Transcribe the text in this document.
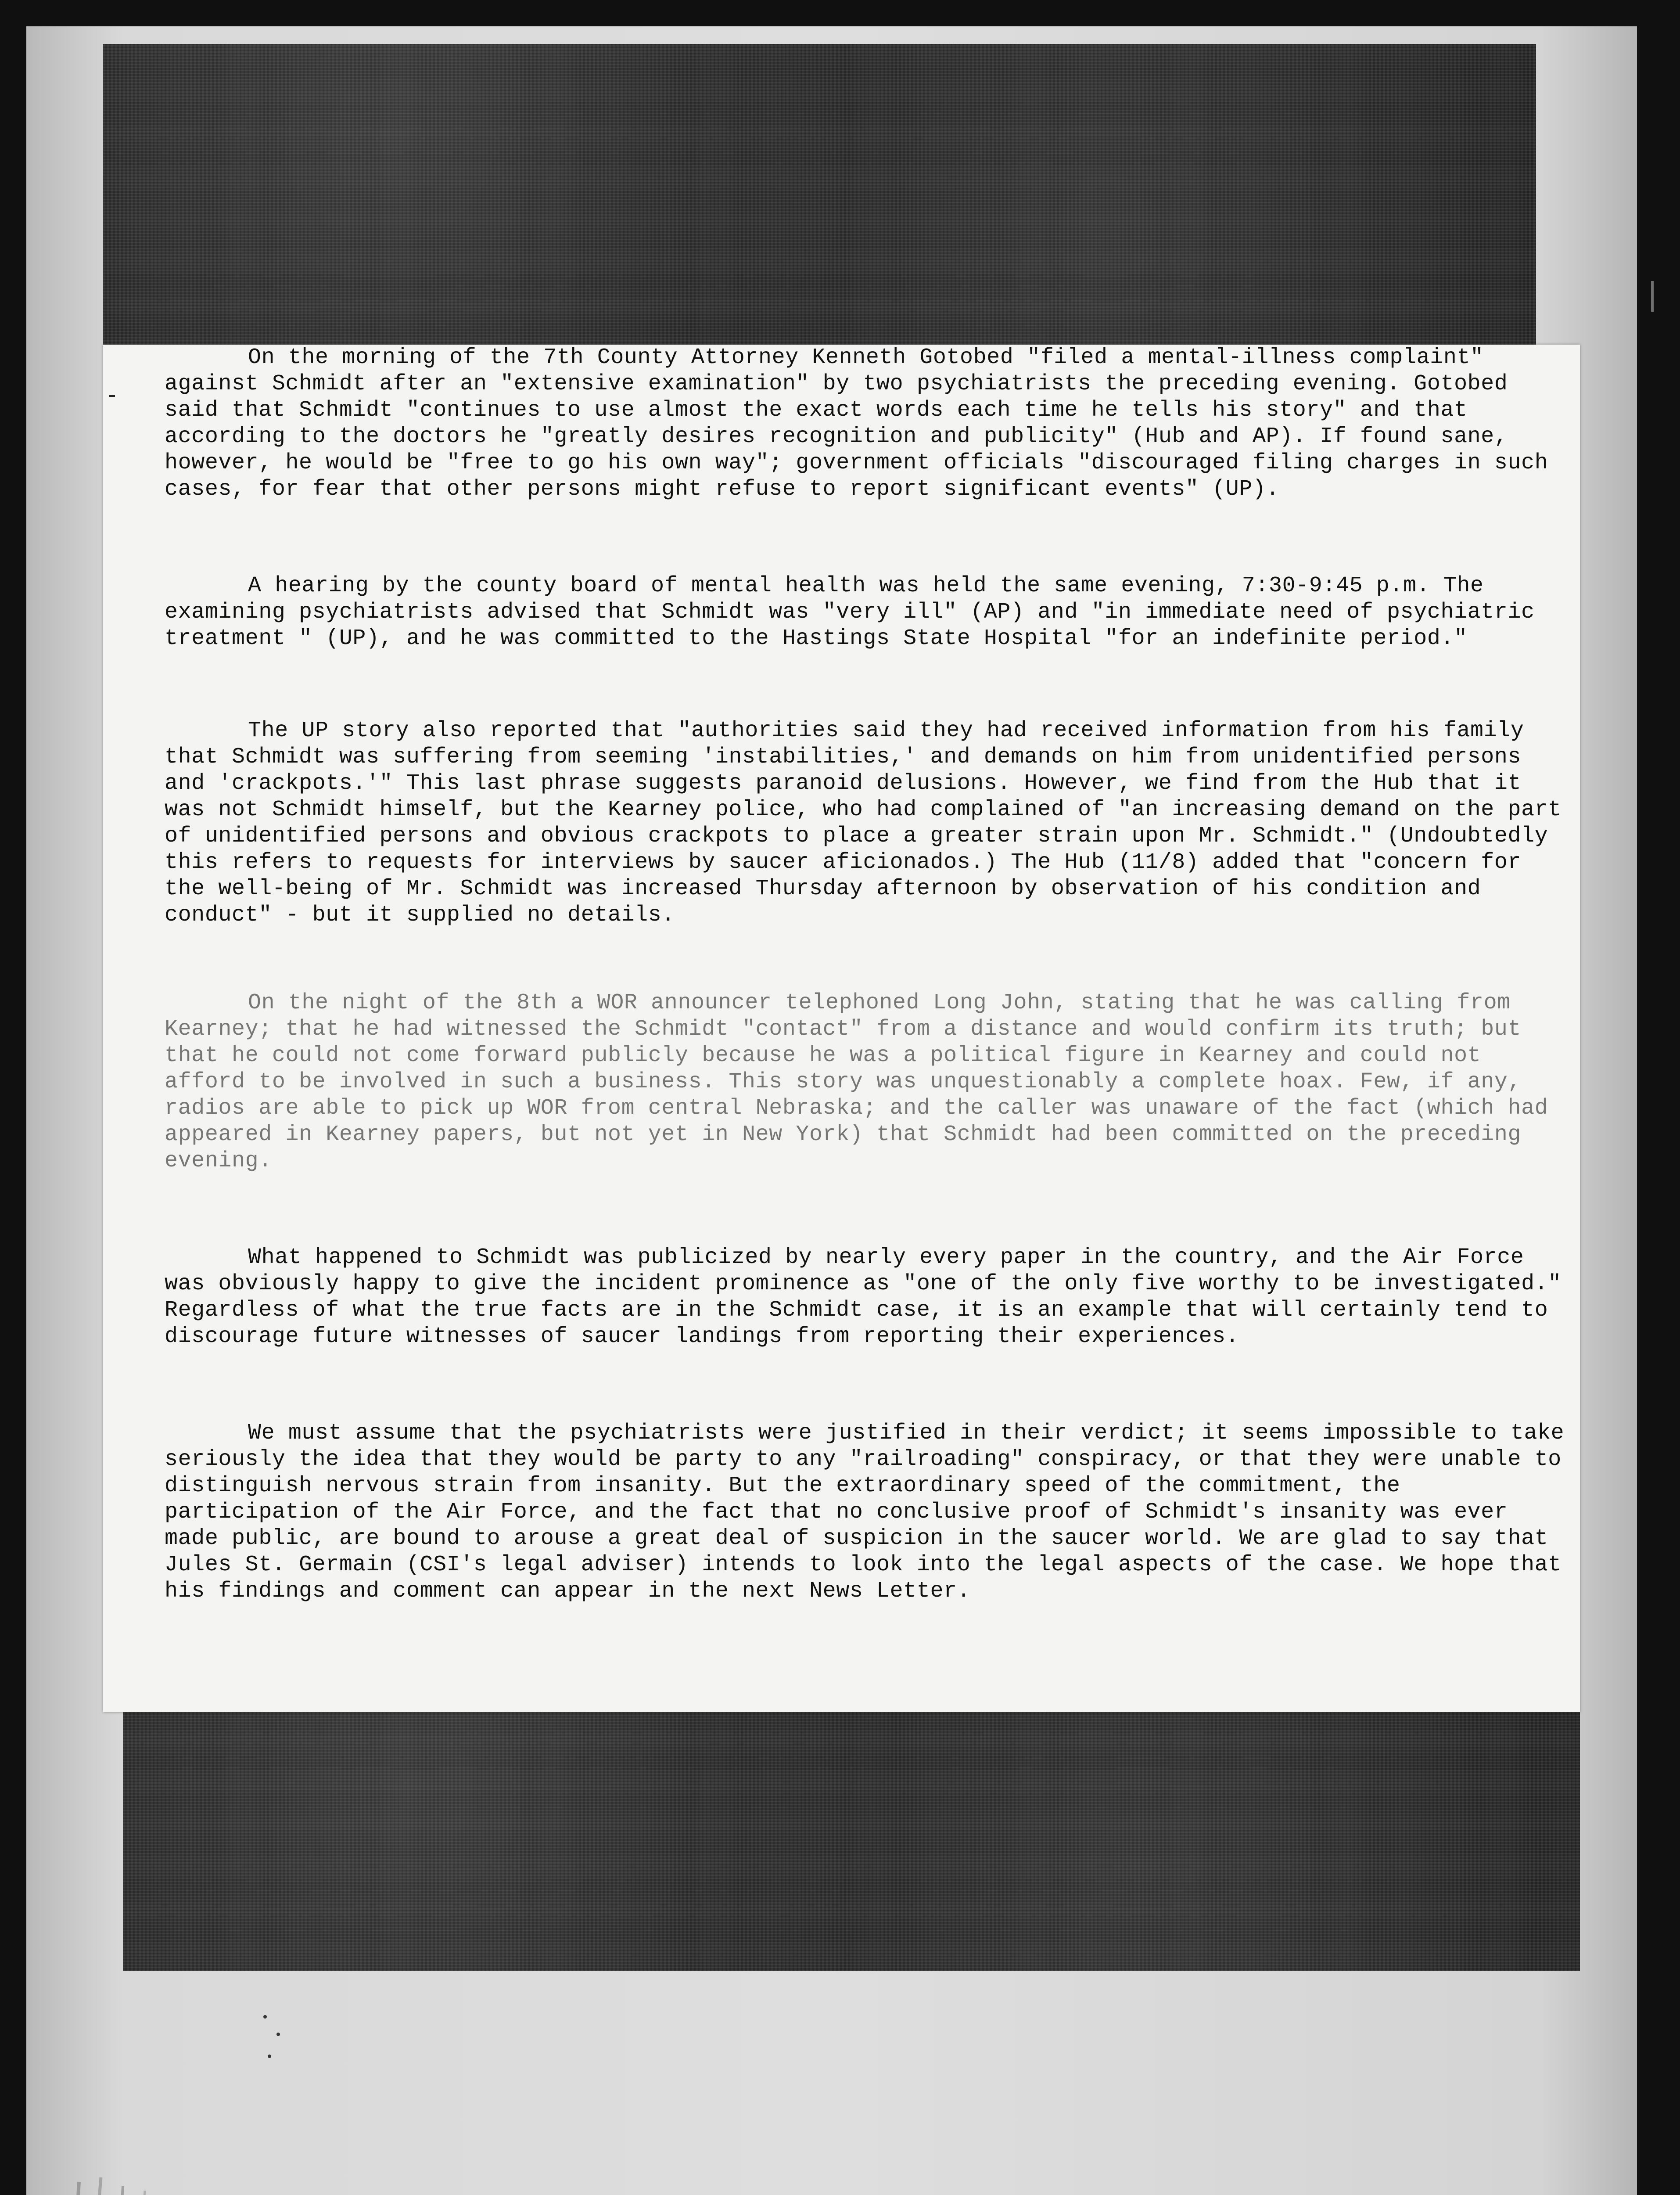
On the morning of the 7th County Attorney Kenneth Gotobed "filed a mental-illness complaint" against Schmidt after an "extensive examination" by two psychiatrists the preceding evening. Gotobed said that Schmidt "continues to use almost the exact words each time he tells his story" and that according to the doctors he "greatly desires recognition and publicity" (Hub and AP). If found sane, however, he would be "free to go his own way"; government officials "discouraged filing charges in such cases, for fear that other persons might refuse to report significant events" (UP).

A hearing by the county board of mental health was held the same evening, 7:30-9:45 p.m. The examining psychiatrists advised that Schmidt was "very ill" (AP) and "in immediate need of psychiatric treatment " (UP), and he was committed to the Hastings State Hospital "for an indefinite period."

The UP story also reported that "authorities said they had received information from his family that Schmidt was suffering from seeming 'instabilities,' and demands on him from unidentified persons and 'crackpots.'" This last phrase suggests paranoid delusions. However, we find from the Hub that it was not Schmidt himself, but the Kearney police, who had complained of "an increasing demand on the part of unidentified persons and obvious crackpots to place a greater strain upon Mr. Schmidt." (Undoubtedly this refers to requests for interviews by saucer aficionados.) The Hub (11/8) added that "concern for the well-being of Mr. Schmidt was increased Thursday afternoon by observation of his condition and conduct" - but it supplied no details.

On the night of the 8th a WOR announcer telephoned Long John, stating that he was calling from Kearney; that he had witnessed the Schmidt "contact" from a distance and would confirm its truth; but that he could not come forward publicly because he was a political figure in Kearney and could not afford to be involved in such a business. This story was unquestionably a complete hoax. Few, if any, radios are able to pick up WOR from central Nebraska; and the caller was unaware of the fact (which had appeared in Kearney papers, but not yet in New York) that Schmidt had been committed on the preceding evening.

What happened to Schmidt was publicized by nearly every paper in the country, and the Air Force was obviously happy to give the incident prominence as "one of the only five worthy to be investigated." Regardless of what the true facts are in the Schmidt case, it is an example that will certainly tend to discourage future witnesses of saucer landings from reporting their experiences.

We must assume that the psychiatrists were justified in their verdict; it seems impossible to take seriously the idea that they would be party to any "railroading" conspiracy, or that they were unable to distinguish nervous strain from insanity. But the extraordinary speed of the commitment, the participation of the Air Force, and the fact that no conclusive proof of Schmidt's insanity was ever made public, are bound to arouse a great deal of suspicion in the saucer world. We are glad to say that Jules St. Germain (CSI's legal adviser) intends to look into the legal aspects of the case. We hope that his findings and comment can appear in the next News Letter.
